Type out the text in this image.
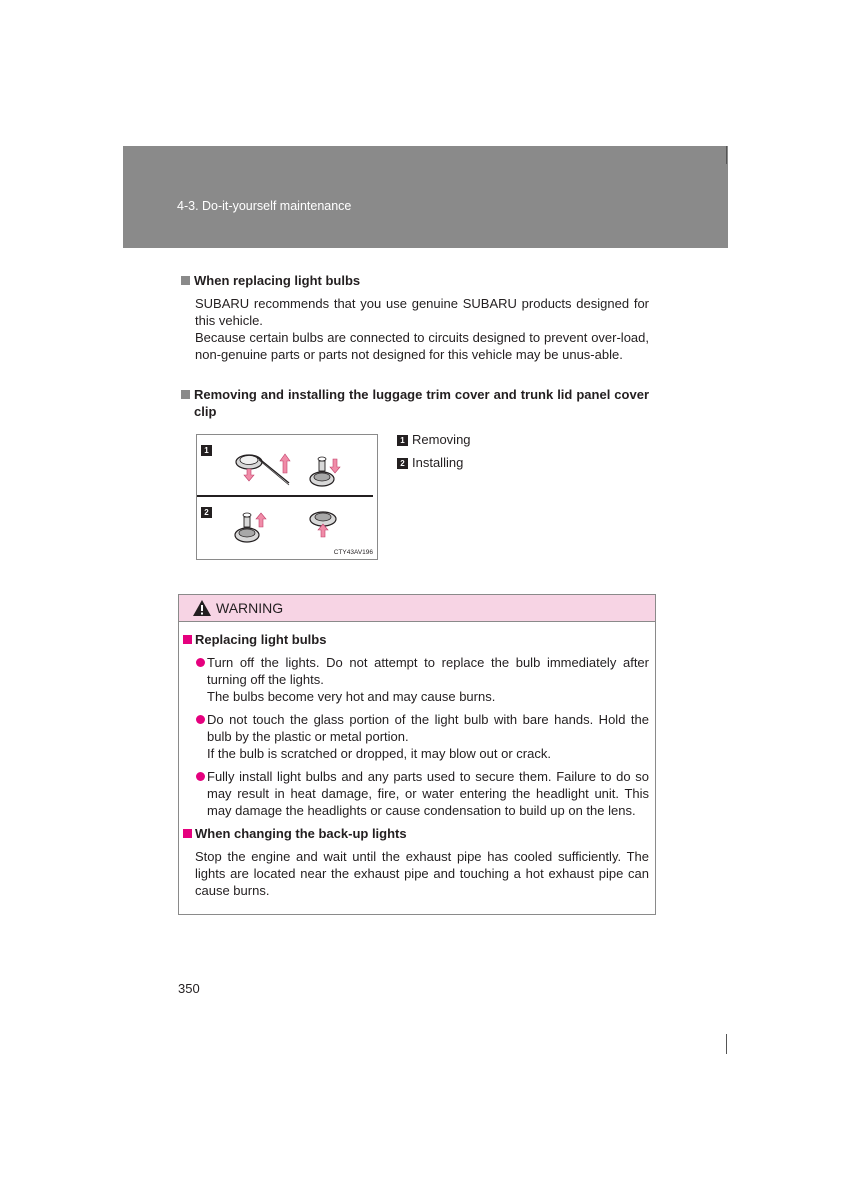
4-3. Do-it-yourself maintenance
When replacing light bulbs
SUBARU recommends that you use genuine SUBARU products designed for this vehicle.
Because certain bulbs are connected to circuits designed to prevent over-load, non-genuine parts or parts not designed for this vehicle may be unus-able.
Removing and installing the luggage trim cover and trunk lid panel cover clip
1
2
CTY43AV196
1 Removing
2 Installing
WARNING
Replacing light bulbs
Turn off the lights. Do not attempt to replace the bulb immediately after turning off the lights.
The bulbs become very hot and may cause burns.
Do not touch the glass portion of the light bulb with bare hands. Hold the bulb by the plastic or metal portion.
If the bulb is scratched or dropped, it may blow out or crack.
Fully install light bulbs and any parts used to secure them. Failure to do so may result in heat damage, fire, or water entering the headlight unit. This may damage the headlights or cause condensation to build up on the lens.
When changing the back-up lights
Stop the engine and wait until the exhaust pipe has cooled sufficiently. The lights are located near the exhaust pipe and touching a hot exhaust pipe can cause burns.
350
